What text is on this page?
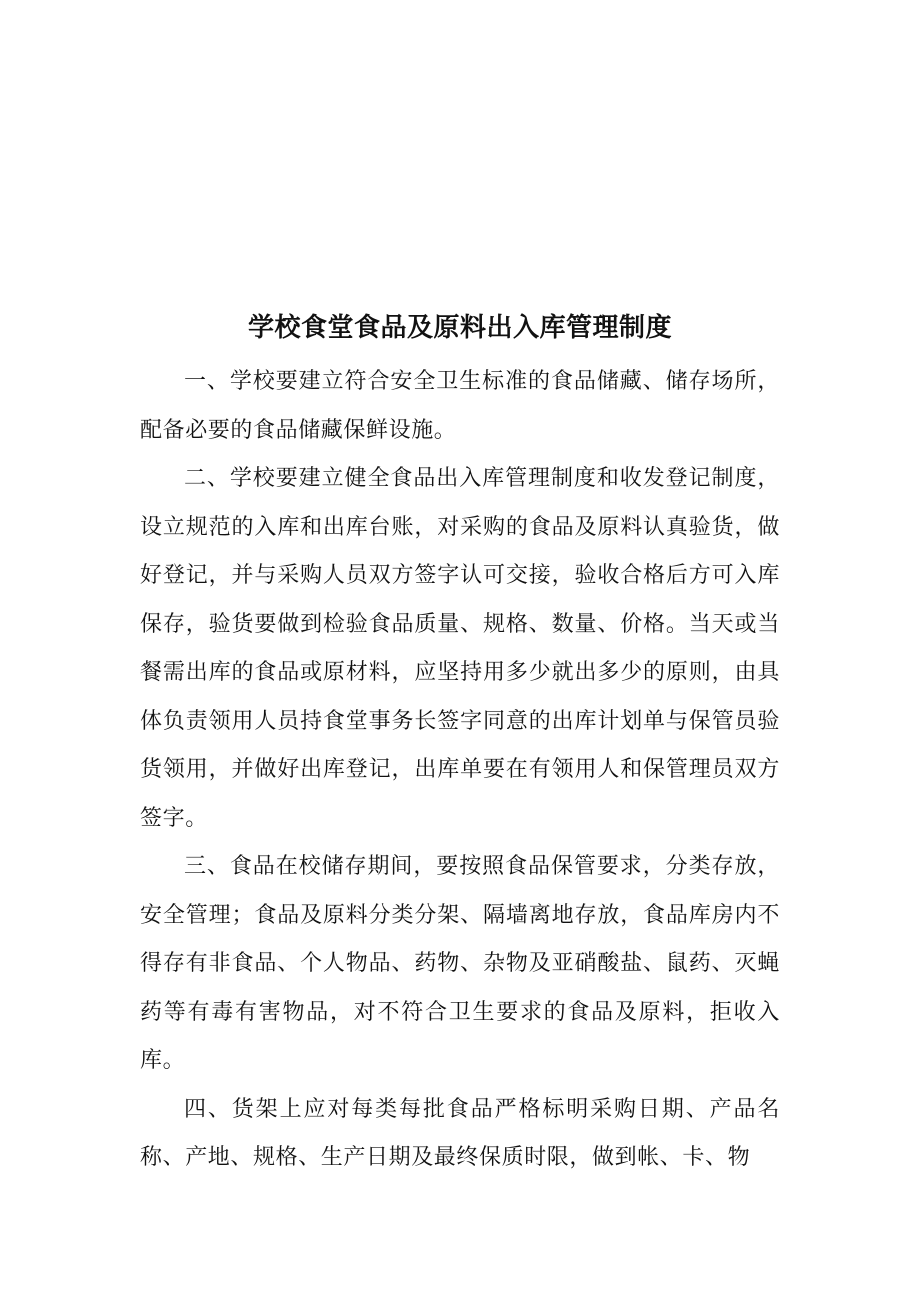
学校食堂食品及原料出入库管理制度

一、学校要建立符合安全卫生标准的食品储藏、储存场所，配备必要的食品储藏保鲜设施。

二、学校要建立健全食品出入库管理制度和收发登记制度，设立规范的入库和出库台账，对采购的食品及原料认真验货，做好登记，并与采购人员双方签字认可交接，验收合格后方可入库保存，验货要做到检验食品质量、规格、数量、价格。当天或当餐需出库的食品或原材料，应坚持用多少就出多少的原则，由具体负责领用人员持食堂事务长签字同意的出库计划单与保管员验货领用，并做好出库登记，出库单要在有领用人和保管理员双方签字。

三、食品在校储存期间，要按照食品保管要求，分类存放，安全管理；食品及原料分类分架、隔墙离地存放，食品库房内不得存有非食品、个人物品、药物、杂物及亚硝酸盐、鼠药、灭蝇药等有毒有害物品，对不符合卫生要求的食品及原料，拒收入库。

四、货架上应对每类每批食品严格标明采购日期、产品名称、产地、规格、生产日期及最终保质时限，做到帐、卡、物
